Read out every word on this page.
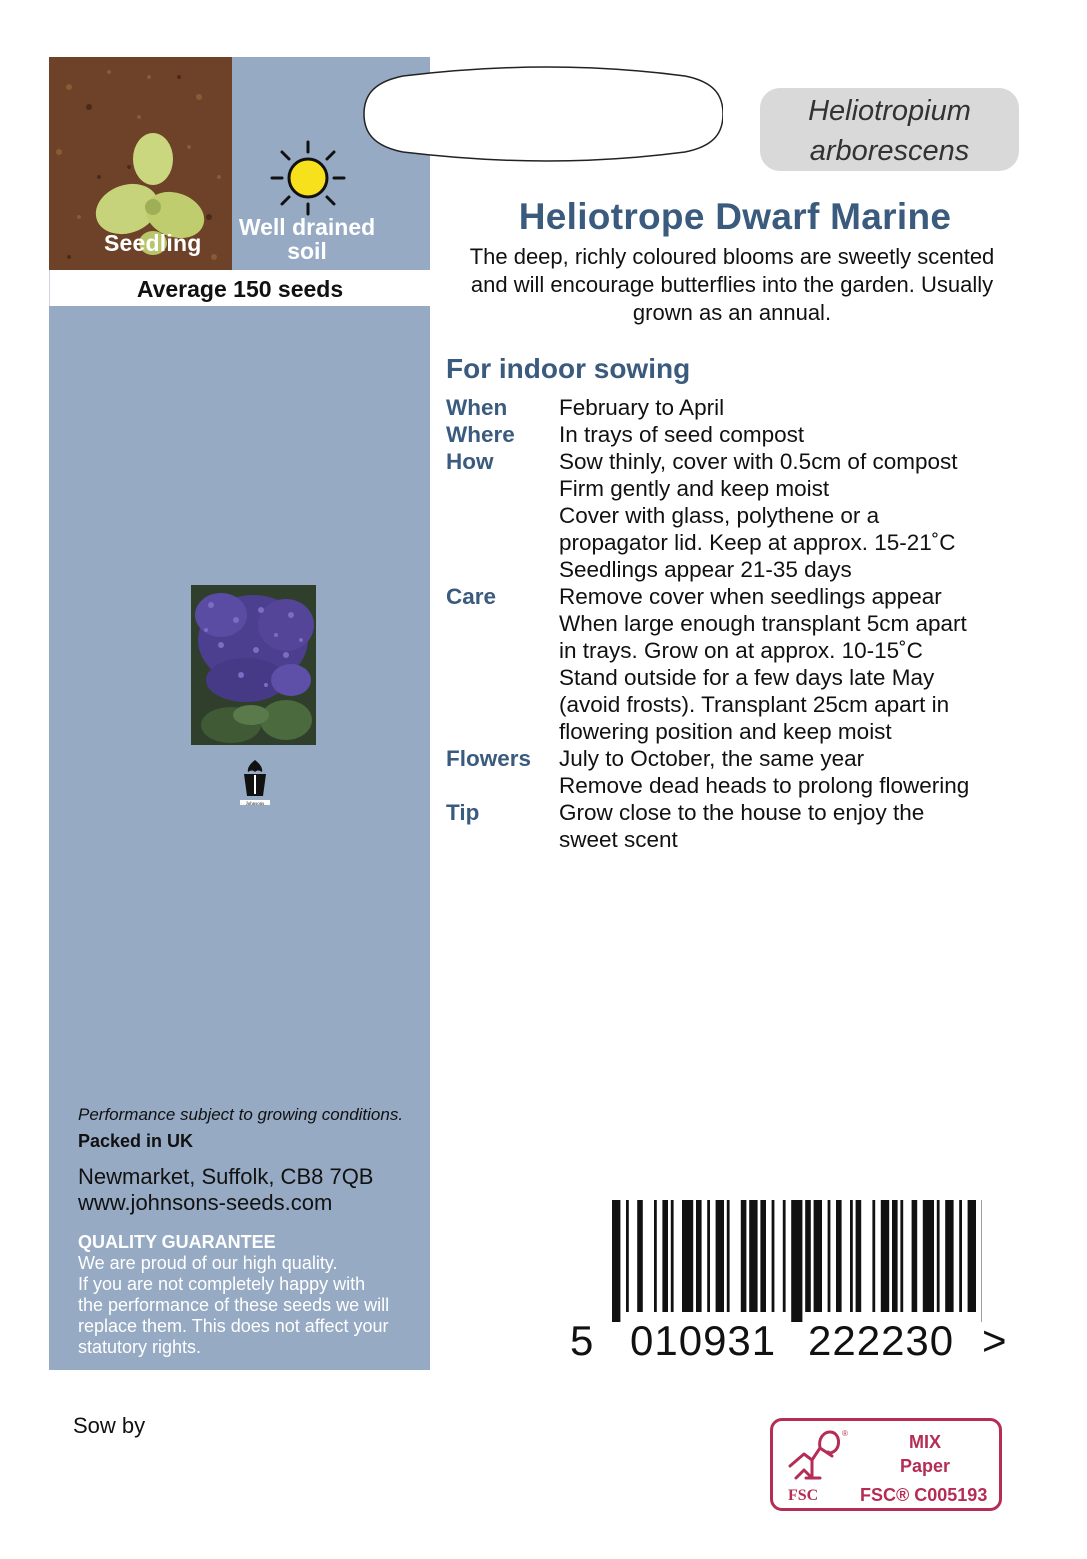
Seedling
Well drained soil
Average 150 seeds
Johnsons
Performance subject to growing conditions.
Packed in UK
Newmarket, Suffolk, CB8 7QB
www.johnsons-seeds.com
QUALITY GUARANTEE
We are proud of our high quality.
If you are not completely happy with
the performance of these seeds we will
replace them. This does not affect your
statutory rights.
Heliotropium
arborescens
Heliotrope Dwarf Marine
The deep, richly coloured blooms are sweetly scented and will encourage butterflies into the garden. Usually grown as an annual.
For indoor sowing
When	February to April
Where	In trays of seed compost
How	Sow thinly, cover with 0.5cm of compost
Firm gently and keep moist
Cover with glass, polythene or a
propagator lid. Keep at approx. 15-21˚C
Seedlings appear 21-35 days
Care	Remove cover when seedlings appear
When large enough transplant 5cm apart
in trays. Grow on at approx. 10-15˚C
Stand outside for a few days late May
(avoid frosts). Transplant 25cm apart in
flowering position and keep moist
Flowers	July to October, the same year
Remove dead heads to prolong flowering
Tip	Grow close to the house to enjoy the
sweet scent
5 010931 222230 >
Sow by	®
FSC
MIX
Paper
FSC® C005193
